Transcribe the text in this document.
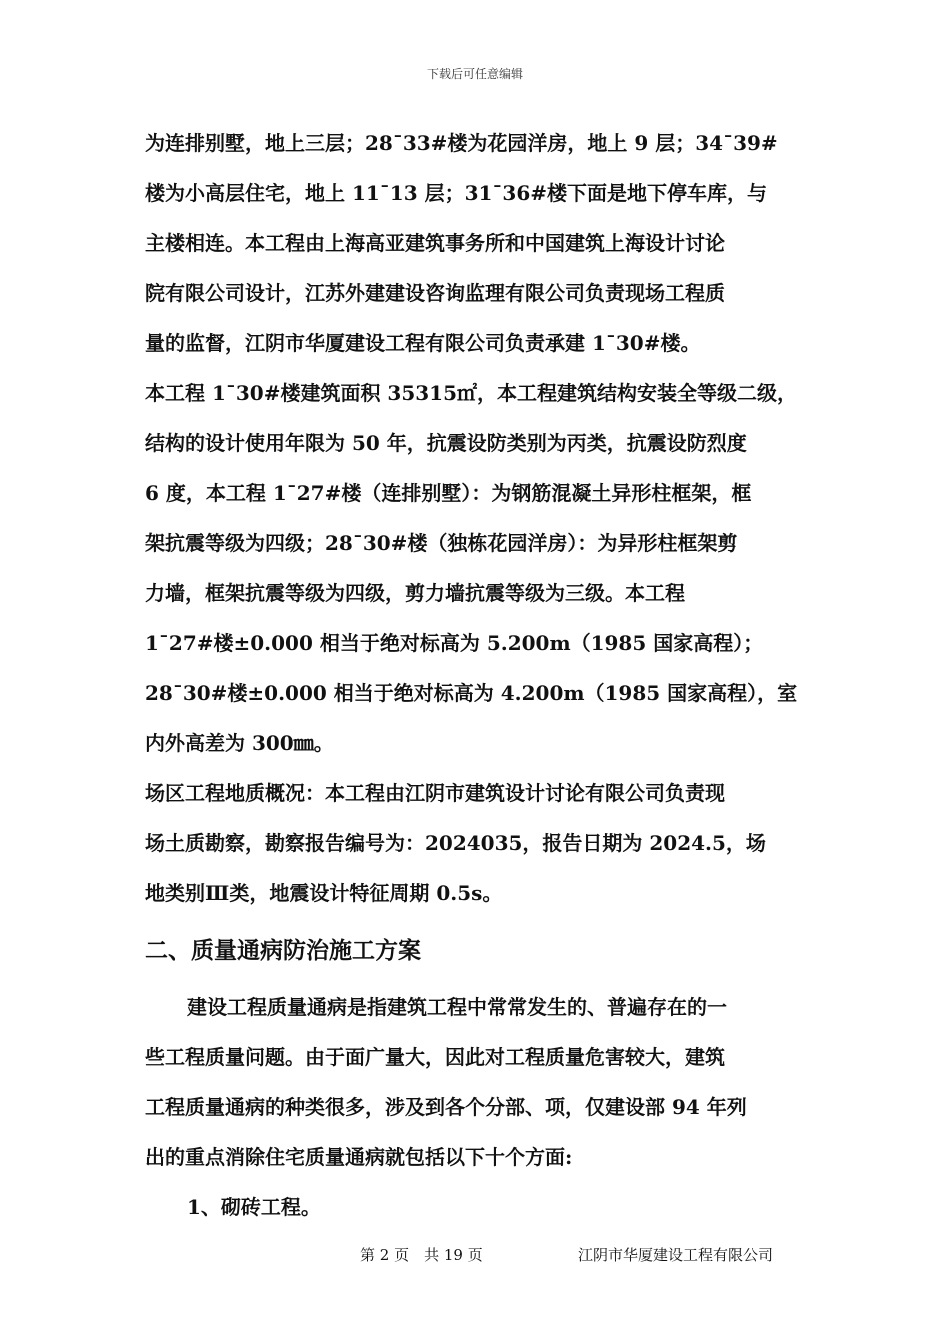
下载后可任意编辑

为连排别墅，地上三层；28¯33#楼为花园洋房，地上 9 层；34¯39#

楼为小高层住宅，地上 11¯13 层；31¯36#楼下面是地下停车库，与

主楼相连。本工程由上海高亚建筑事务所和中国建筑上海设计讨论

院有限公司设计，江苏外建建设咨询监理有限公司负责现场工程质

量的监督，江阴市华厦建设工程有限公司负责承建 1¯30#楼。

本工程 1¯30#楼建筑面积 35315㎡，本工程建筑结构安装全等级二级，

结构的设计使用年限为 50 年，抗震设防类别为丙类，抗震设防烈度

6 度，本工程 1¯27#楼（连排别墅）：为钢筋混凝土异形柱框架，框

架抗震等级为四级；28¯30#楼（独栋花园洋房）：为异形柱框架剪

力墙，框架抗震等级为四级，剪力墙抗震等级为三级。本工程

1¯27#楼±0.000 相当于绝对标高为 5.200m（1985 国家高程）；

28¯30#楼±0.000 相当于绝对标高为 4.200m（1985 国家高程），室

内外高差为 300㎜。

场区工程地质概况：本工程由江阴市建筑设计讨论有限公司负责现

场土质勘察，勘察报告编号为：2024035，报告日期为 2024.5，场

地类别Ⅲ类，地震设计特征周期 0.5s。

二、质量通病防治施工方案

建设工程质量通病是指建筑工程中常常发生的、普遍存在的一

些工程质量问题。由于面广量大，因此对工程质量危害较大，建筑

工程质量通病的种类很多，涉及到各个分部、项，仅建设部 94 年列

出的重点消除住宅质量通病就包括以下十个方面:

1、砌砖工程。

第 2 页　共 19 页	江阴市华厦建设工程有限公司
